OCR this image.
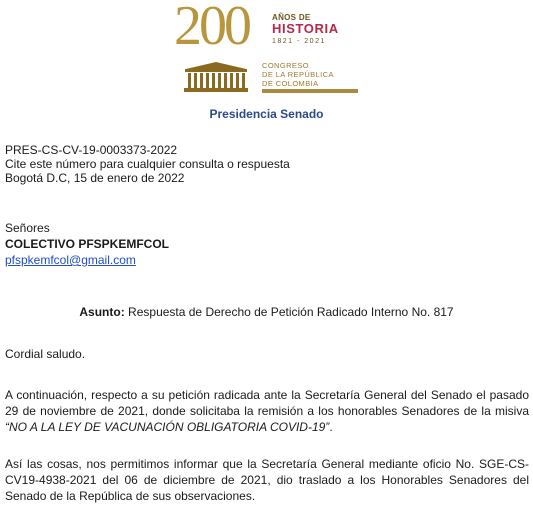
200	AÑOS DE
HISTORIA
1821 - 2021
CONGRESO
DE LA REPÚBLICA
DE COLOMBIA
Presidencia Senado
PRES-CS-CV-19-0003373-2022
Cite este número para cualquier consulta o respuesta
Bogotá D.C, 15 de enero de 2022
Señores
COLECTIVO PFSPKEMFCOL
pfspkemfcol@gmail.com
Asunto: Respuesta de Derecho de Petición Radicado Interno No. 817
Cordial saludo.
A continuación, respecto a su petición radicada ante la Secretaría General del Senado el pasado 29 de noviembre de 2021, donde solicitaba la remisión a los honorables Senadores de la misiva “NO A LA LEY DE VACUNACIÓN OBLIGATORIA COVID-19”.
Así las cosas, nos permitimos informar que la Secretaría General mediante oficio No. SGE-CS-CV19-4938-2021 del 06 de diciembre de 2021, dio traslado a los Honorables Senadores del Senado de la República de sus observaciones.
